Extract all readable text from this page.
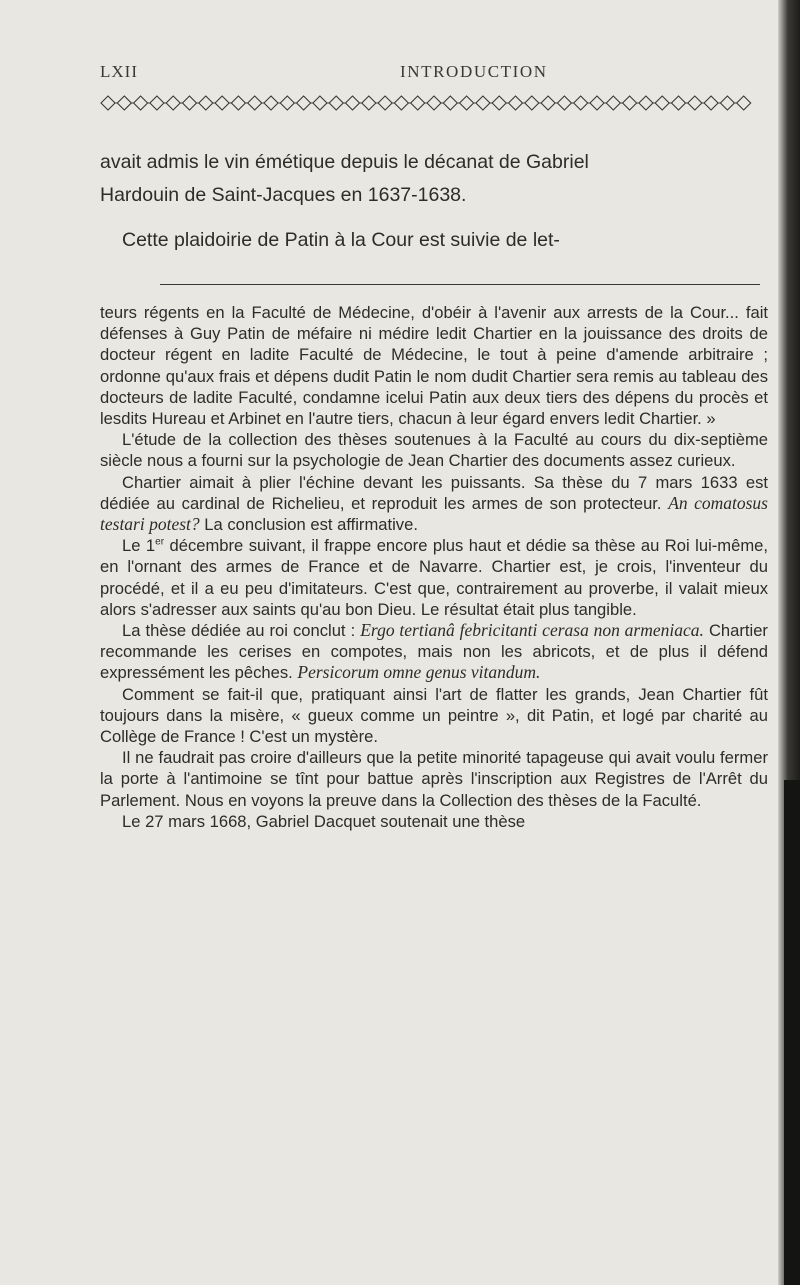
LXII	INTRODUCTION

avait admis le vin émétique depuis le décanat de Gabriel

Hardouin de Saint-Jacques en 1637-1638.

Cette plaidoirie de Patin à la Cour est suivie de let-

teurs régents en la Faculté de Médecine, d'obéir à l'avenir aux arrests de la Cour... fait défenses à Guy Patin de méfaire ni médire ledit Chartier en la jouissance des droits de docteur régent en ladite Faculté de Médecine, le tout à peine d'amende arbitraire ; ordonne qu'aux frais et dépens dudit Patin le nom dudit Chartier sera remis au tableau des docteurs de ladite Faculté, condamne icelui Patin aux deux tiers des dépens du procès et lesdits Hureau et Arbinet en l'autre tiers, chacun à leur égard envers ledit Chartier. »

L'étude de la collection des thèses soutenues à la Faculté au cours du dix-septième siècle nous a fourni sur la psychologie de Jean Chartier des documents assez curieux.

Chartier aimait à plier l'échine devant les puissants. Sa thèse du 7 mars 1633 est dédiée au cardinal de Richelieu, et reproduit les armes de son protecteur. An comatosus testari potest? La conclusion est affirmative.

Le 1er décembre suivant, il frappe encore plus haut et dédie sa thèse au Roi lui-même, en l'ornant des armes de France et de Navarre. Chartier est, je crois, l'inventeur du procédé, et il a eu peu d'imitateurs. C'est que, contrairement au proverbe, il valait mieux alors s'adresser aux saints qu'au bon Dieu. Le résultat était plus tangible.

La thèse dédiée au roi conclut : Ergo tertianâ febricitanti cerasa non armeniaca. Chartier recommande les cerises en compotes, mais non les abricots, et de plus il défend expressément les pêches. Persicorum omne genus vitandum.

Comment se fait-il que, pratiquant ainsi l'art de flatter les grands, Jean Chartier fût toujours dans la misère, « gueux comme un peintre », dit Patin, et logé par charité au Collège de France ! C'est un mystère.

Il ne faudrait pas croire d'ailleurs que la petite minorité tapageuse qui avait voulu fermer la porte à l'antimoine se tînt pour battue après l'inscription aux Registres de l'Arrêt du Parlement. Nous en voyons la preuve dans la Collection des thèses de la Faculté.

Le 27 mars 1668, Gabriel Dacquet soutenait une thèse
